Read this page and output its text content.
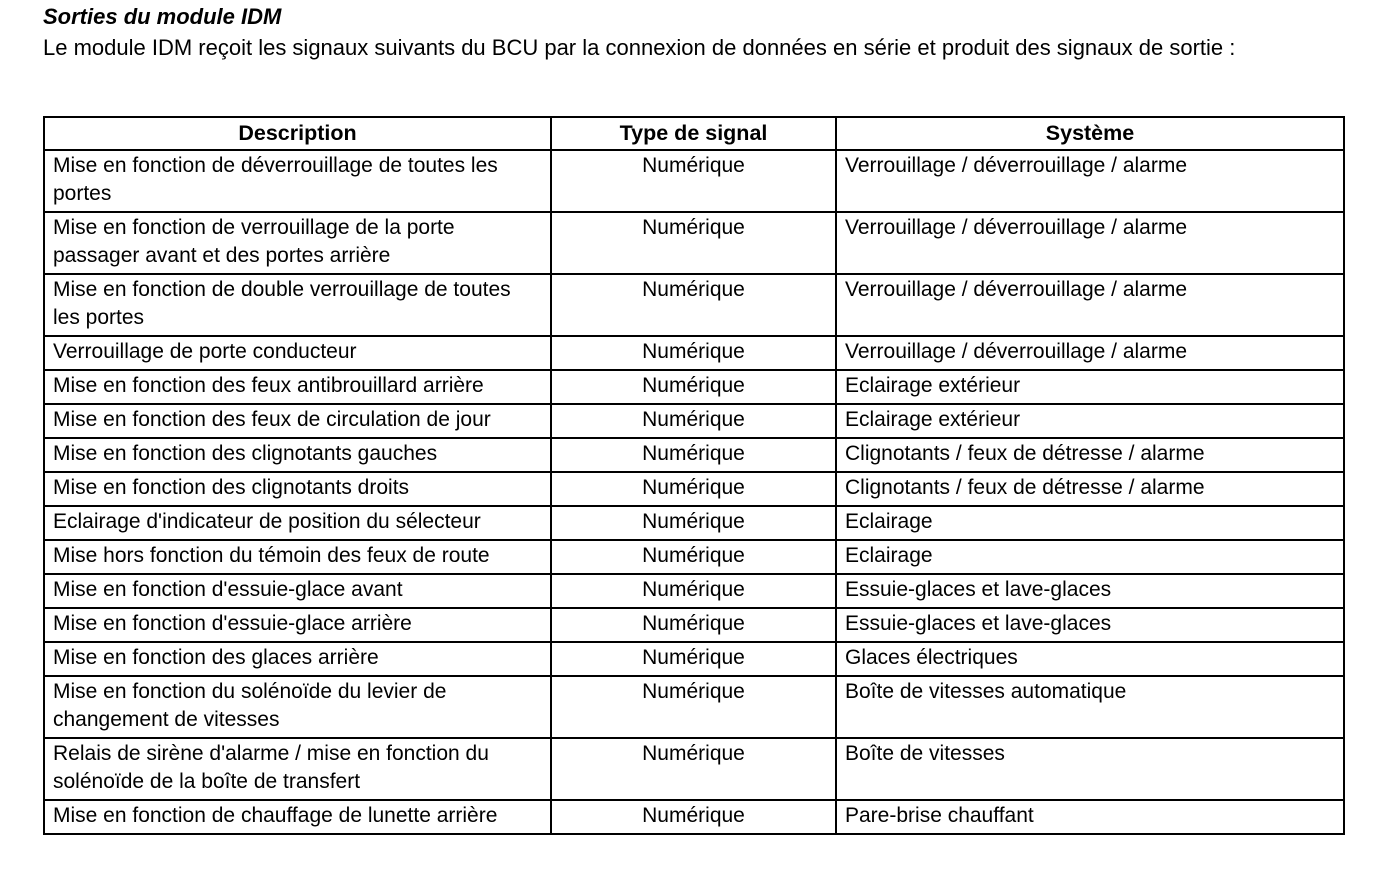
Sorties du module IDM

Le module IDM reçoit les signaux suivants du BCU par la connexion de données en série et produit des signaux de sortie :

Description	Type de signal	Système
Mise en fonction de déverrouillage de toutes les portes	Numérique	Verrouillage / déverrouillage / alarme
Mise en fonction de verrouillage de la porte passager avant et des portes arrière	Numérique	Verrouillage / déverrouillage / alarme
Mise en fonction de double verrouillage de toutes les portes	Numérique	Verrouillage / déverrouillage / alarme
Verrouillage de porte conducteur	Numérique	Verrouillage / déverrouillage / alarme
Mise en fonction des feux antibrouillard arrière	Numérique	Eclairage extérieur
Mise en fonction des feux de circulation de jour	Numérique	Eclairage extérieur
Mise en fonction des clignotants gauches	Numérique	Clignotants / feux de détresse / alarme
Mise en fonction des clignotants droits	Numérique	Clignotants / feux de détresse / alarme
Eclairage d'indicateur de position du sélecteur	Numérique	Eclairage
Mise hors fonction du témoin des feux de route	Numérique	Eclairage
Mise en fonction d'essuie-glace avant	Numérique	Essuie-glaces et lave-glaces
Mise en fonction d'essuie-glace arrière	Numérique	Essuie-glaces et lave-glaces
Mise en fonction des glaces arrière	Numérique	Glaces électriques
Mise en fonction du solénoïde du levier de changement de vitesses	Numérique	Boîte de vitesses automatique
Relais de sirène d'alarme / mise en fonction du solénoïde de la boîte de transfert	Numérique	Boîte de vitesses
Mise en fonction de chauffage de lunette arrière	Numérique	Pare-brise chauffant
